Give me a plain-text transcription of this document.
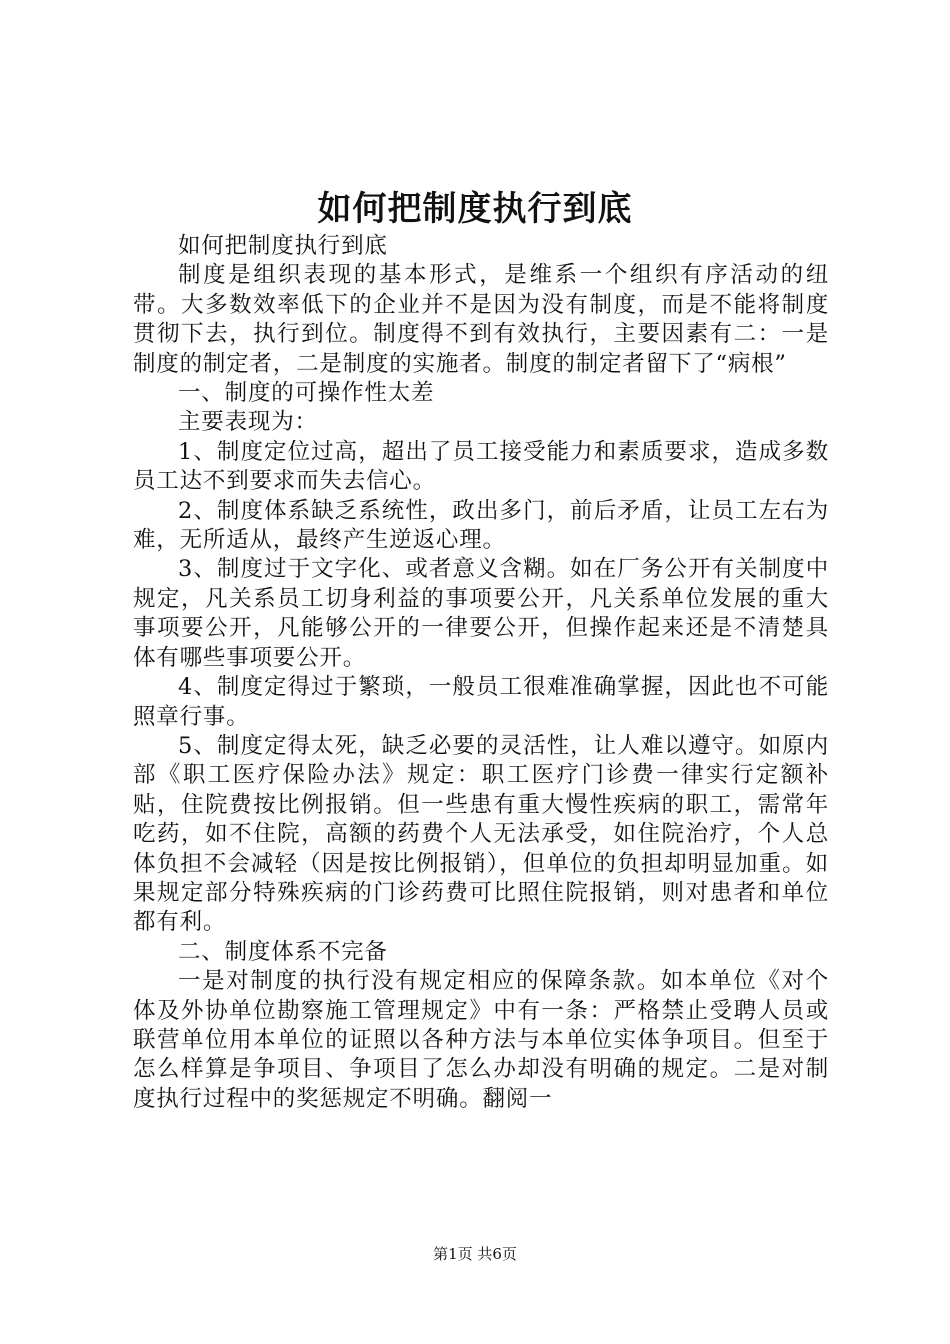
如何把制度执行到底

如何把制度执行到底

制度是组织表现的基本形式，是维系一个组织有序活动的纽带。大多数效率低下的企业并不是因为没有制度，而是不能将制度贯彻下去，执行到位。制度得不到有效执行，主要因素有二：一是制度的制定者，二是制度的实施者。制度的制定者留下了“病根”

一、制度的可操作性太差

主要表现为：

1、制度定位过高，超出了员工接受能力和素质要求，造成多数员工达不到要求而失去信心。

2、制度体系缺乏系统性，政出多门，前后矛盾，让员工左右为难，无所适从，最终产生逆返心理。

3、制度过于文字化、或者意义含糊。如在厂务公开有关制度中规定，凡关系员工切身利益的事项要公开，凡关系单位发展的重大事项要公开，凡能够公开的一律要公开，但操作起来还是不清楚具体有哪些事项要公开。

4、制度定得过于繁琐，一般员工很难准确掌握，因此也不可能照章行事。

5、制度定得太死，缺乏必要的灵活性，让人难以遵守。如原内部《职工医疗保险办法》规定：职工医疗门诊费一律实行定额补贴，住院费按比例报销。但一些患有重大慢性疾病的职工，需常年吃药，如不住院，高额的药费个人无法承受，如住院治疗，个人总体负担不会减轻（因是按比例报销），但单位的负担却明显加重。如果规定部分特殊疾病的门诊药费可比照住院报销，则对患者和单位都有利。

二、制度体系不完备

一是对制度的执行没有规定相应的保障条款。如本单位《对个体及外协单位勘察施工管理规定》中有一条：严格禁止受聘人员或联营单位用本单位的证照以各种方法与本单位实体争项目。但至于怎么样算是争项目、争项目了怎么办却没有明确的规定。二是对制度执行过程中的奖惩规定不明确。翻阅一

第1页 共6页
